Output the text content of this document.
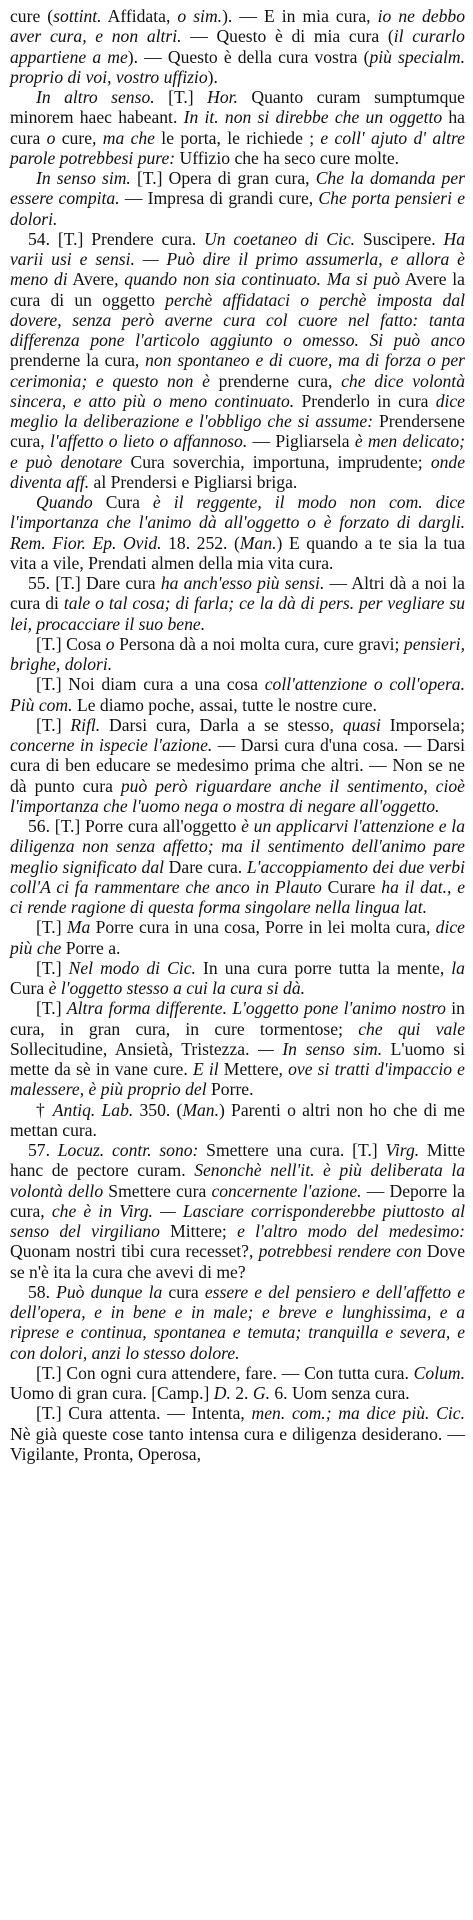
cure (sottint. Affidata, o sim.). — E in mia cura, io ne debbo aver cura, e non altri. — Questo è di mia cura (il curarlo appartiene a me). — Questo è della cura vostra (più specialm. proprio di voi, vostro uffizio).

In altro senso. [T.] Hor. Quanto curam sumptumque minorem haec habeant. In it. non si direbbe che un oggetto ha cura o cure, ma che le porta, le richiede ; e coll' ajuto d' altre parole potrebbesi pure: Uffizio che ha seco cure molte.

In senso sim. [T.] Opera di gran cura, Che la domanda per essere compita. — Impresa di grandi cure, Che porta pensieri e dolori.

54. [T.] Prendere cura. Un coetaneo di Cic. Suscipere. Ha varii usi e sensi. — Può dire il primo assumerla, e allora è meno di Avere, quando non sia continuato. Ma si può Avere la cura di un oggetto perchè affidataci o perchè imposta dal dovere, senza però averne cura col cuore nel fatto: tanta differenza pone l'articolo aggiunto o omesso. Si può anco prenderne la cura, non spontaneo e di cuore, ma di forza o per cerimonia; e questo non è prenderne cura, che dice volontà sincera, e atto più o meno continuato. Prenderlo in cura dice meglio la deliberazione e l'obbligo che si assume: Prendersene cura, l'affetto o lieto o affannoso. — Pigliarsela è men delicato; e può denotare Cura soverchia, importuna, imprudente; onde diventa aff. al Prendersi e Pigliarsi briga.

Quando Cura è il reggente, il modo non com. dice l'importanza che l'animo dà all'oggetto o è forzato di dargli. Rem. Fior. Ep. Ovid. 18. 252. (Man.) E quando a te sia la tua vita a vile, Prendati almen della mia vita cura.

55. [T.] Dare cura ha anch'esso più sensi. — Altri dà a noi la cura di tale o tal cosa; di farla; ce la dà di pers. per vegliare su lei, procacciare il suo bene.

[T.] Cosa o Persona dà a noi molta cura, cure gravi; pensieri, brighe, dolori.

[T.] Noi diam cura a una cosa coll'attenzione o coll'opera. Più com. Le diamo poche, assai, tutte le nostre cure.

[T.] Rifl. Darsi cura, Darla a se stesso, quasi Imporsela; concerne in ispecie l'azione. — Darsi cura d'una cosa. — Darsi cura di ben educare se medesimo prima che altri. — Non se ne dà punto cura può però riguardare anche il sentimento, cioè l'importanza che l'uomo nega o mostra di negare all'oggetto.

56. [T.] Porre cura all'oggetto è un applicarvi l'attenzione e la diligenza non senza affetto; ma il sentimento dell'animo pare meglio significato dal Dare cura. L'accoppiamento dei due verbi coll'A ci fa rammentare che anco in Plauto Curare ha il dat., e ci rende ragione di questa forma singolare nella lingua lat.

[T.] Ma Porre cura in una cosa, Porre in lei molta cura, dice più che Porre a.

[T.] Nel modo di Cic. In una cura porre tutta la mente, la Cura è l'oggetto stesso a cui la cura si dà.

[T.] Altra forma differente. L'oggetto pone l'animo nostro in cura, in gran cura, in cure tormentose; che qui vale Sollecitudine, Ansietà, Tristezza. — In senso sim. L'uomo si mette da sè in vane cure. E il Mettere, ove si tratti d'impaccio e malessere, è più proprio del Porre.

† Antiq. Lab. 350. (Man.) Parenti o altri non ho che di me mettan cura.

57. Locuz. contr. sono: Smettere una cura. [T.] Virg. Mitte hanc de pectore curam. Senonchè nell'it. è più deliberata la volontà dello Smettere cura concernente l'azione. — Deporre la cura, che è in Virg. — Lasciare corrisponderebbe piuttosto al senso del virgiliano Mittere; e l'altro modo del medesimo: Quonam nostri tibi cura recesset?, potrebbesi rendere con Dove se n'è ita la cura che avevi di me?

58. Può dunque la cura essere e del pensiero e dell'affetto e dell'opera, e in bene e in male; e breve e lunghissima, e a riprese e continua, spontanea e temuta; tranquilla e severa, e con dolori, anzi lo stesso dolore.

[T.] Con ogni cura attendere, fare. — Con tutta cura. Colum. Uomo di gran cura. [Camp.] D. 2. G. 6. Uom senza cura.

[T.] Cura attenta. — Intenta, men. com.; ma dice più. Cic. Nè già queste cose tanto intensa cura e diligenza desiderano. — Vigilante, Pronta, Operosa,
